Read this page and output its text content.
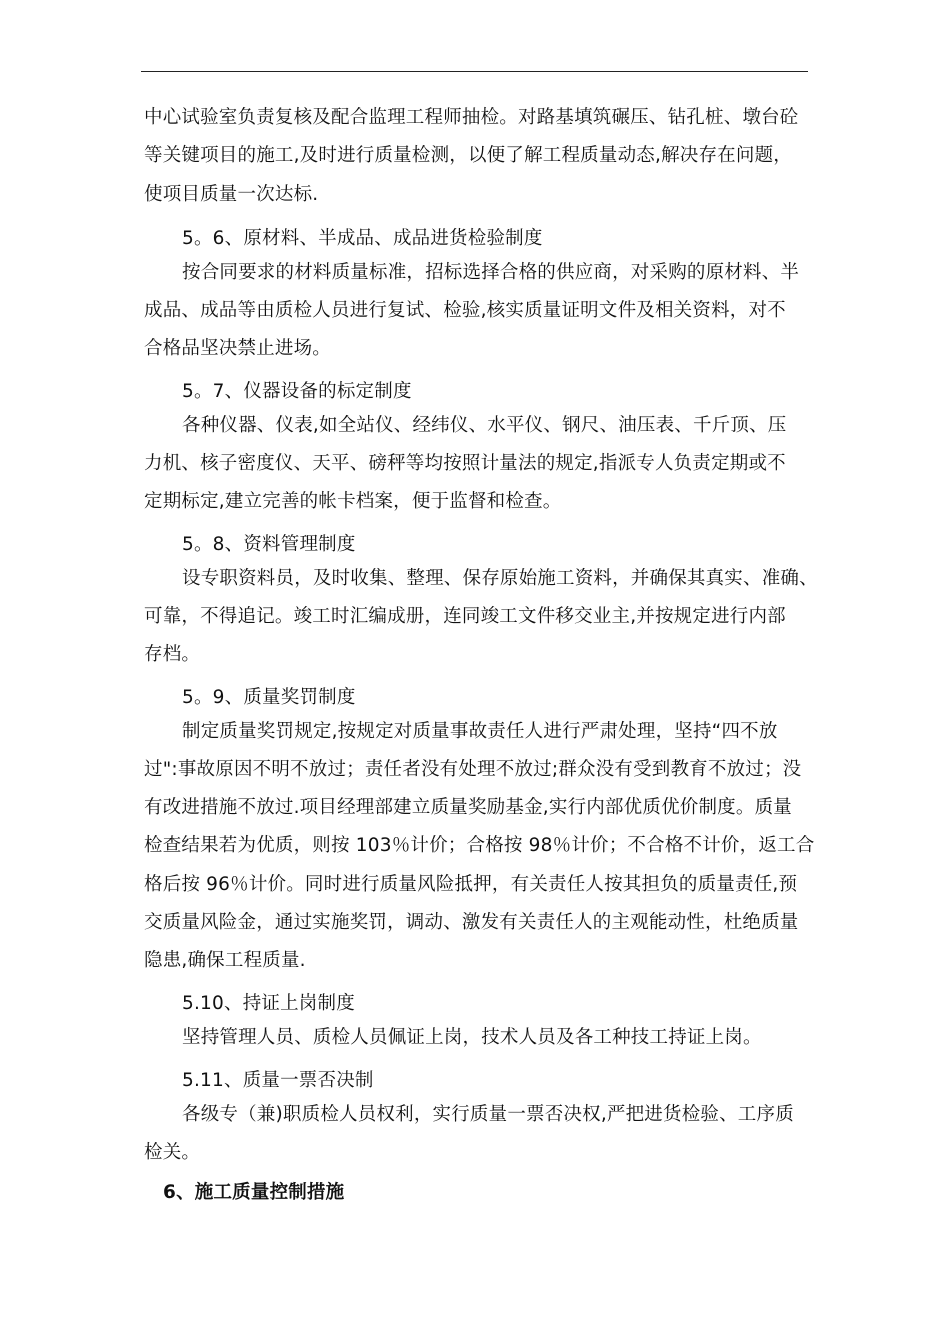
中心试验室负责复核及配合监理工程师抽检。对路基填筑碾压、钻孔桩、墩台砼
等关键项目的施工,及时进行质量检测，以便了解工程质量动态,解决存在问题，
使项目质量一次达标.
5。6、原材料、半成品、成品进货检验制度
按合同要求的材料质量标准，招标选择合格的供应商，对采购的原材料、半
成品、成品等由质检人员进行复试、检验,核实质量证明文件及相关资料，对不
合格品坚决禁止进场。
5。7、仪器设备的标定制度
各种仪器、仪表,如全站仪、经纬仪、水平仪、钢尺、油压表、千斤顶、压
力机、核子密度仪、天平、磅秤等均按照计量法的规定,指派专人负责定期或不
定期标定,建立完善的帐卡档案，便于监督和检查。
5。8、资料管理制度
设专职资料员，及时收集、整理、保存原始施工资料，并确保其真实、准确、
可靠，不得追记。竣工时汇编成册，连同竣工文件移交业主,并按规定进行内部
存档。
5。9、质量奖罚制度
制定质量奖罚规定,按规定对质量事故责任人进行严肃处理，坚持“四不放
过":事故原因不明不放过；责任者没有处理不放过;群众没有受到教育不放过；没
有改进措施不放过.项目经理部建立质量奖励基金,实行内部优质优价制度。质量
检查结果若为优质，则按 103％计价；合格按 98％计价；不合格不计价，返工合
格后按 96％计价。同时进行质量风险抵押，有关责任人按其担负的质量责任,预
交质量风险金，通过实施奖罚，调动、激发有关责任人的主观能动性，杜绝质量
隐患,确保工程质量.
5.10、持证上岗制度
坚持管理人员、质检人员佩证上岗，技术人员及各工种技工持证上岗。
5.11、质量一票否决制
各级专（兼)职质检人员权利，实行质量一票否决权,严把进货检验、工序质
检关。
6、施工质量控制措施
